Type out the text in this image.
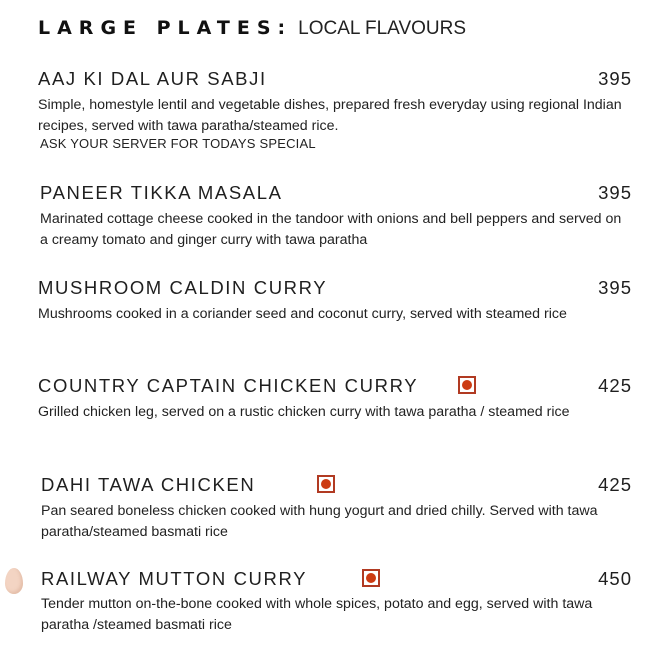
LARGE PLATES: LOCAL FLAVOURS
AAJ KI DAL AUR SABJI	395
Simple, homestyle lentil and vegetable dishes, prepared fresh everyday using regional Indian recipes, served with tawa paratha/steamed rice.
ASK YOUR SERVER FOR TODAYS SPECIAL
PANEER TIKKA MASALA	395
Marinated cottage cheese cooked in the tandoor with onions and bell peppers and served on a creamy tomato and ginger curry with tawa paratha
MUSHROOM CALDIN CURRY	395
Mushrooms cooked in a coriander seed and coconut curry, served with steamed rice
COUNTRY CAPTAIN CHICKEN CURRY	425
Grilled chicken leg, served on a rustic chicken curry with tawa paratha / steamed rice
DAHI TAWA CHICKEN	425
Pan seared boneless chicken cooked with hung yogurt and dried chilly. Served with tawa paratha/steamed basmati rice
RAILWAY MUTTON CURRY	450
Tender mutton on-the-bone cooked with whole spices, potato and egg, served with tawa paratha /steamed basmati rice
